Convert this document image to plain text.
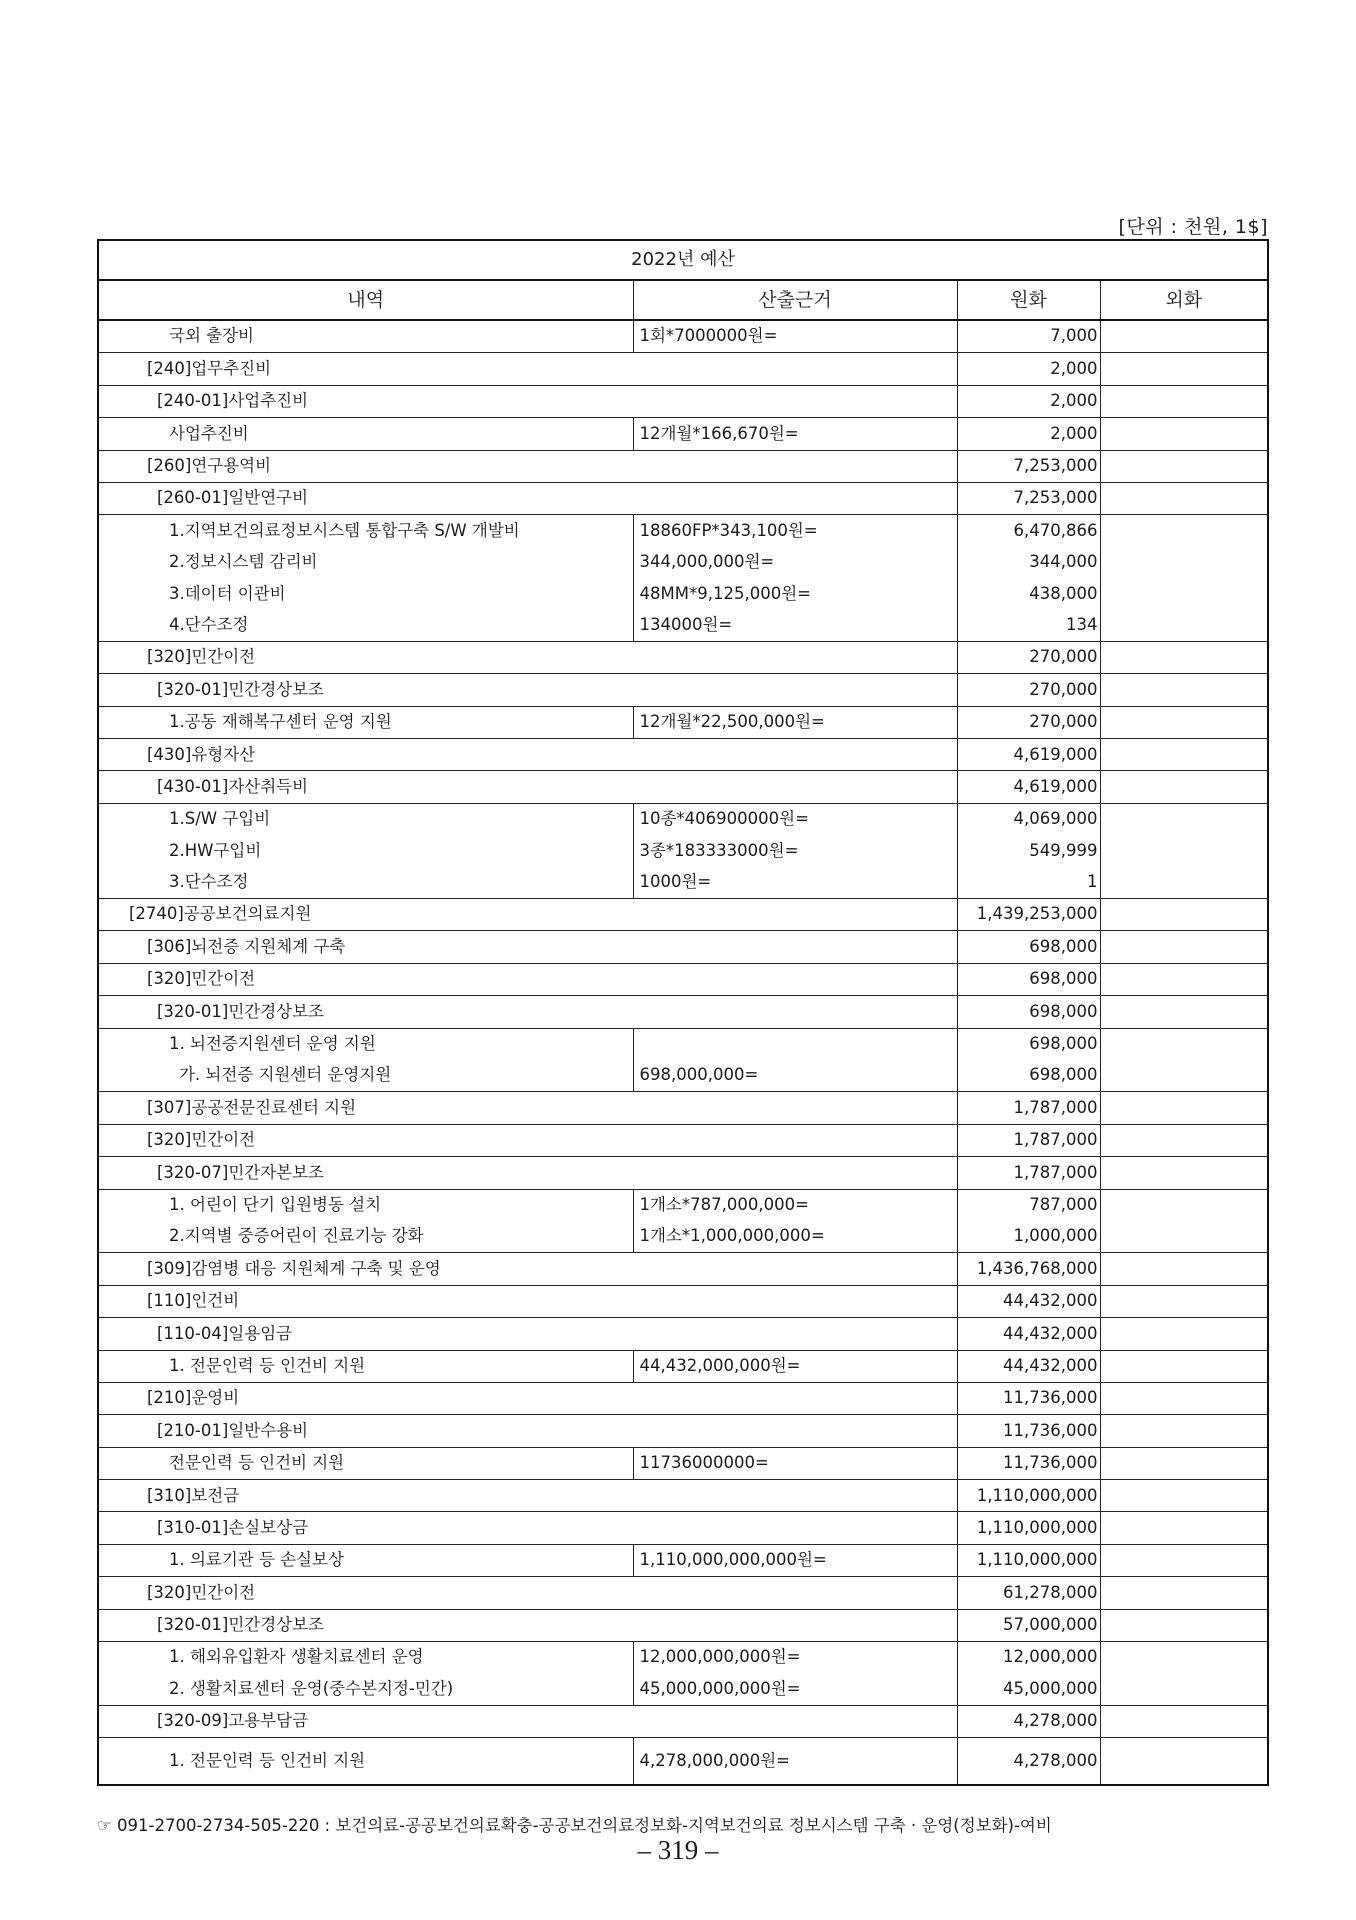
[단위 : 천원, 1$]
2022년 예산			
내역	산출근거	원화	외화
국외 출장비	1회*7000000원=	7,000	
[240]업무추진비		2,000	
[240-01]사업추진비		2,000	
사업추진비	12개월*166,670원=	2,000	
[260]연구용역비		7,253,000	
[260-01]일반연구비		7,253,000	
1.지역보건의료정보시스템 통합구축 S/W 개발비	18860FP*343,100원=	6,470,866	
2.정보시스템 감리비	344,000,000원=	344,000	
3.데이터 이관비	48MM*9,125,000원=	438,000	
4.단수조정	134000원=	134	
[320]민간이전		270,000	
[320-01]민간경상보조		270,000	
1.공동 재해복구센터 운영 지원	12개월*22,500,000원=	270,000	
[430]유형자산		4,619,000	
[430-01]자산취득비		4,619,000	
1.S/W 구입비	10종*406900000원=	4,069,000	
2.HW구입비	3종*183333000원=	549,999	
3.단수조정	1000원=	1	
[2740]공공보건의료지원		1,439,253,000	
[306]뇌전증 지원체계 구축		698,000	
[320]민간이전		698,000	
[320-01]민간경상보조		698,000	
1. 뇌전증지원센터 운영 지원		698,000	
가. 뇌전증 지원센터 운영지원	698,000,000=	698,000	
[307]공공전문진료센터 지원		1,787,000	
[320]민간이전		1,787,000	
[320-07]민간자본보조		1,787,000	
1. 어린이 단기 입원병동 설치	1개소*787,000,000=	787,000	
2.지역별 중증어린이 진료기능 강화	1개소*1,000,000,000=	1,000,000	
[309]감염병 대응 지원체계 구축 및 운영		1,436,768,000	
[110]인건비		44,432,000	
[110-04]일용임금		44,432,000	
1. 전문인력 등 인건비 지원	44,432,000,000원=	44,432,000	
[210]운영비		11,736,000	
[210-01]일반수용비		11,736,000	
전문인력 등 인건비 지원	11736000000=	11,736,000	
[310]보전금		1,110,000,000	
[310-01]손실보상금		1,110,000,000	
1. 의료기관 등 손실보상	1,110,000,000,000원=	1,110,000,000	
[320]민간이전		61,278,000	
[320-01]민간경상보조		57,000,000	
1. 해외유입환자 생활치료센터 운영	12,000,000,000원=	12,000,000	
2. 생활치료센터 운영(중수본지정-민간)	45,000,000,000원=	45,000,000	
[320-09]고용부담금		4,278,000	
1. 전문인력 등 인건비 지원	4,278,000,000원=	4,278,000	
☞ 091-2700-2734-505-220 : 보건의료-공공보건의료확충-공공보건의료정보화-지역보건의료 정보시스템 구축 · 운영(정보화)-여비
– 319 –
